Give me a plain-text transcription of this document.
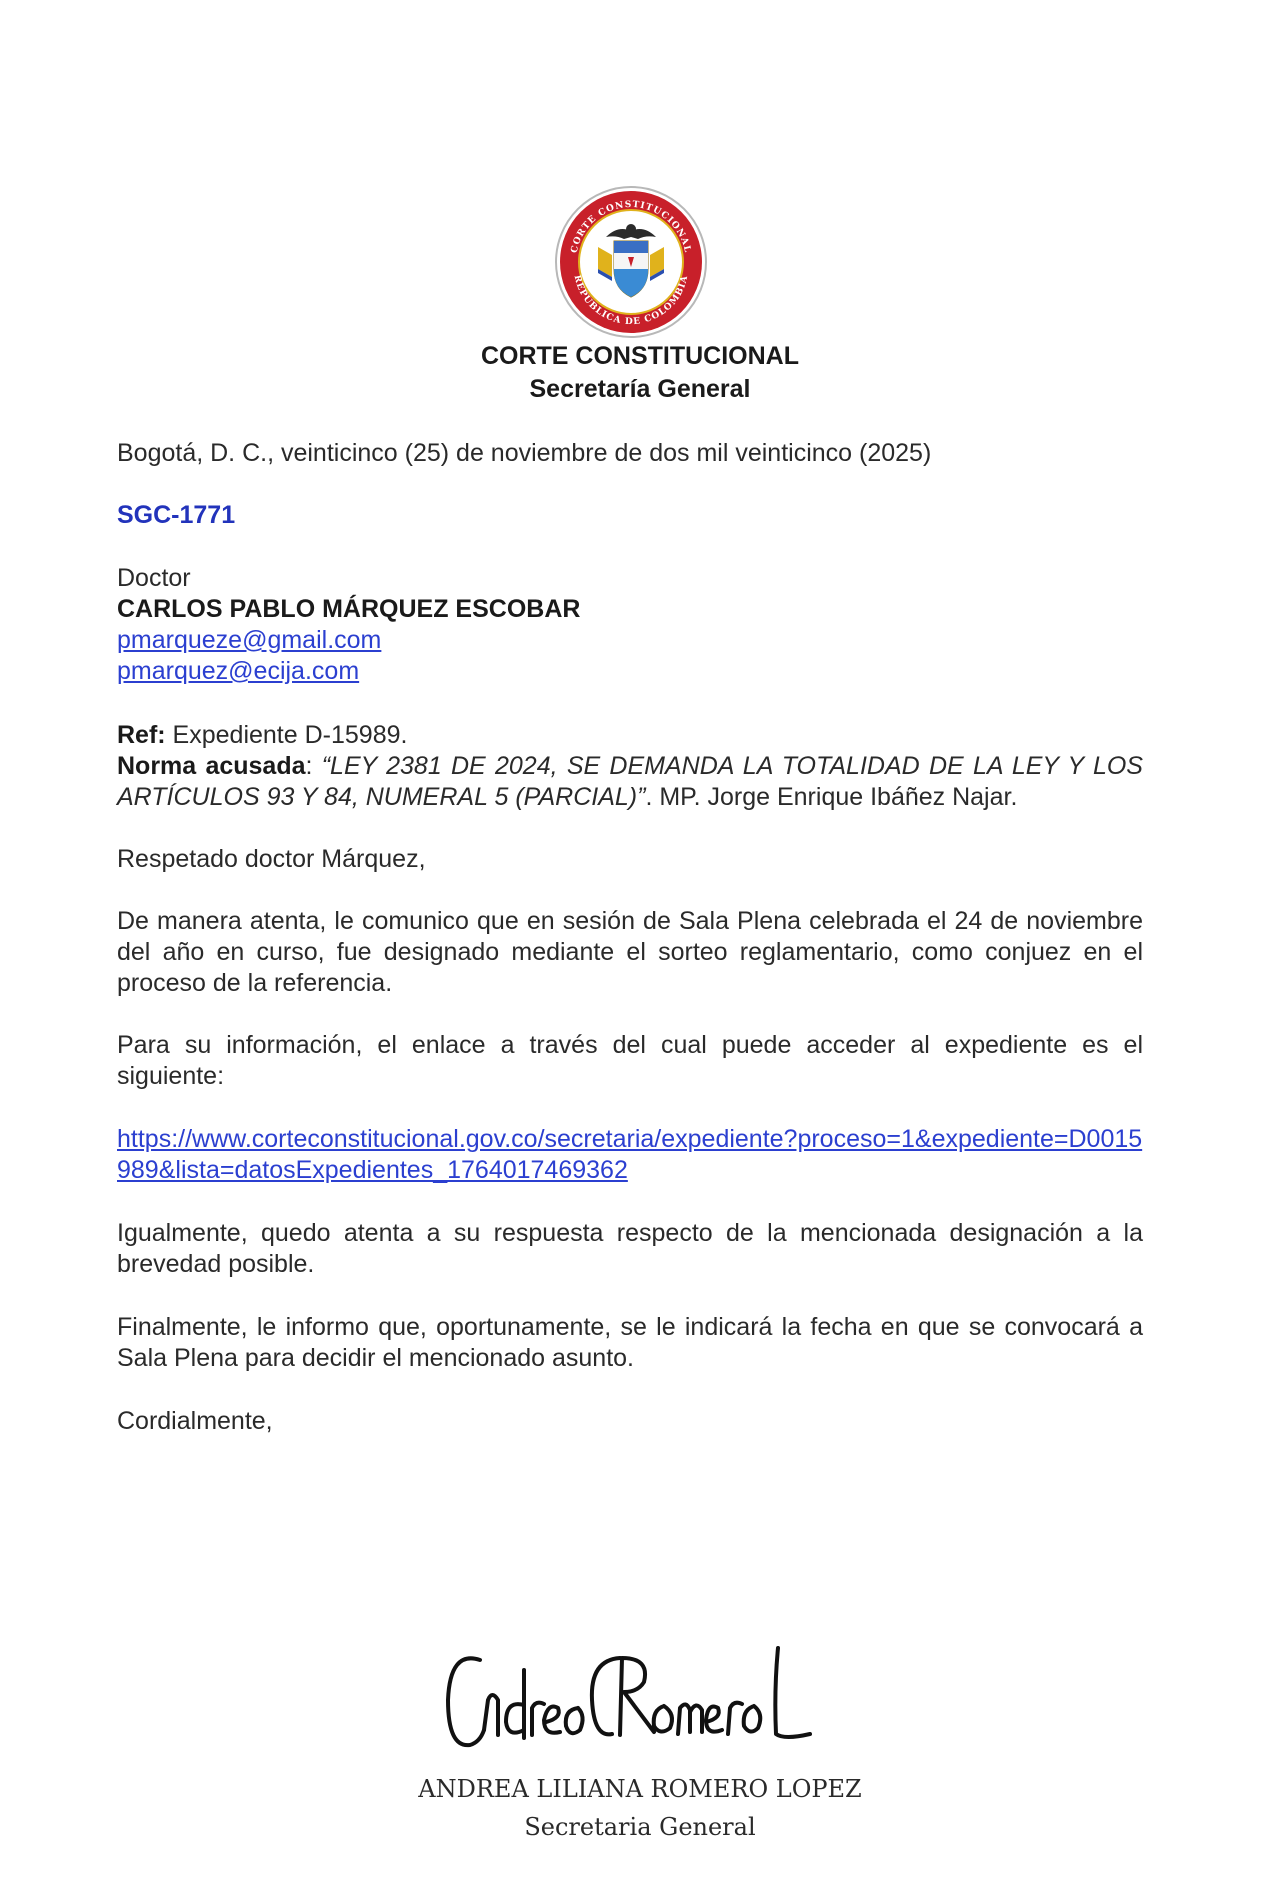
CORTE CONSTITUCIONAL
REPUBLICA DE COLOMBIA
CORTE CONSTITUCIONAL
Secretaría General
Bogotá, D. C., veinticinco (25) de noviembre de dos mil veinticinco (2025)
SGC-1771
Doctor
CARLOS PABLO MÁRQUEZ ESCOBAR
pmarqueze@gmail.com
pmarquez@ecija.com
Ref: Expediente D-15989.
Norma acusada: “LEY 2381 DE 2024, SE DEMANDA LA TOTALIDAD DE LA LEY Y LOS ARTÍCULOS 93 Y 84, NUMERAL 5 (PARCIAL)”. MP. Jorge Enrique Ibáñez Najar.
Respetado doctor Márquez,
De manera atenta, le comunico que en sesión de Sala Plena celebrada el 24 de noviembre del año en curso, fue designado mediante el sorteo reglamentario, como conjuez en el proceso de la referencia.
Para su información, el enlace a través del cual puede acceder al expediente es el siguiente:
https://www.corteconstitucional.gov.co/secretaria/expediente?proceso=1&expediente=D0015989&lista=datosExpedientes_1764017469362
Igualmente, quedo atenta a su respuesta respecto de la mencionada designación a la brevedad posible.
Finalmente, le informo que, oportunamente, se le indicará la fecha en que se convocará a Sala Plena para decidir el mencionado asunto.
Cordialmente,
ANDREA LILIANA ROMERO LOPEZ
Secretaria General
